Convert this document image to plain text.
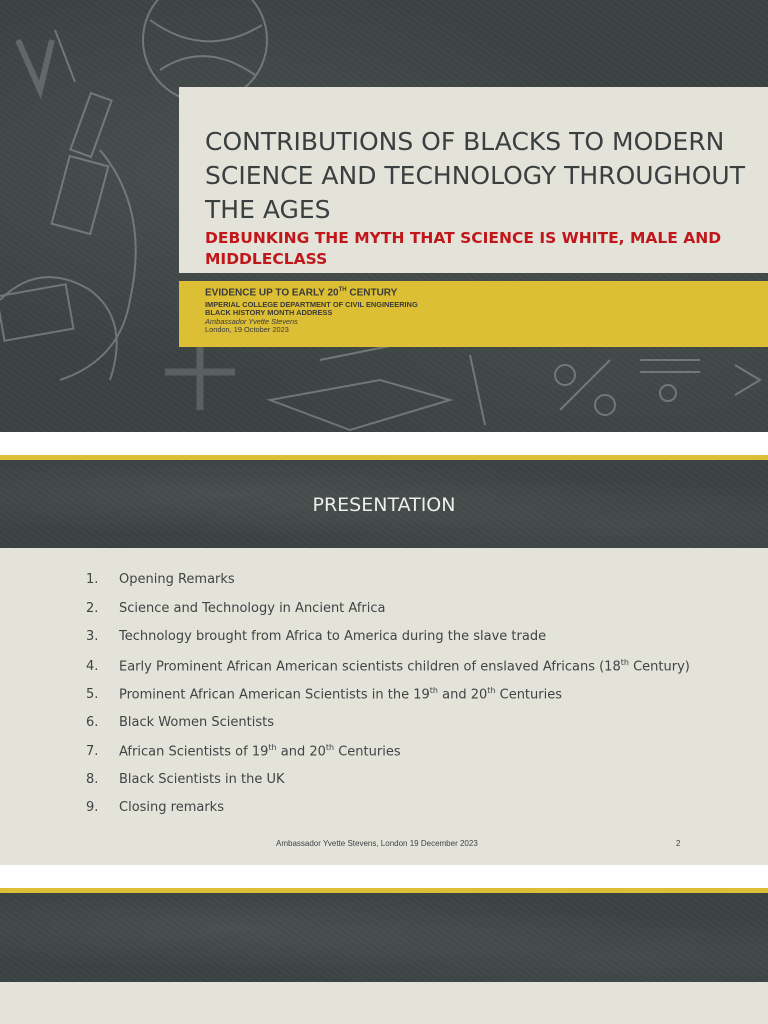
CONTRIBUTIONS OF BLACKS TO MODERN SCIENCE AND TECHNOLOGY THROUGHOUT THE AGES

DEBUNKING THE MYTH THAT SCIENCE IS WHITE, MALE AND MIDDLECLASS

EVIDENCE UP TO EARLY 20TH CENTURY
IMPERIAL COLLEGE DEPARTMENT OF CIVIL ENGINEERING
BLACK HISTORY MONTH ADDRESS
Ambassador Yvette Stevens
London, 19 October 2023
PRESENTATION
1. Opening Remarks
2. Science and Technology in Ancient Africa
3. Technology brought from Africa to America during the slave trade
4. Early Prominent African American scientists children of enslaved Africans (18th Century)
5. Prominent African American Scientists in the 19th and 20th Centuries
6. Black Women Scientists
7. African Scientists of 19th and 20th Centuries
8. Black Scientists in the UK
9. Closing remarks
Ambassador Yvette Stevens, London 19 December 2023	2
